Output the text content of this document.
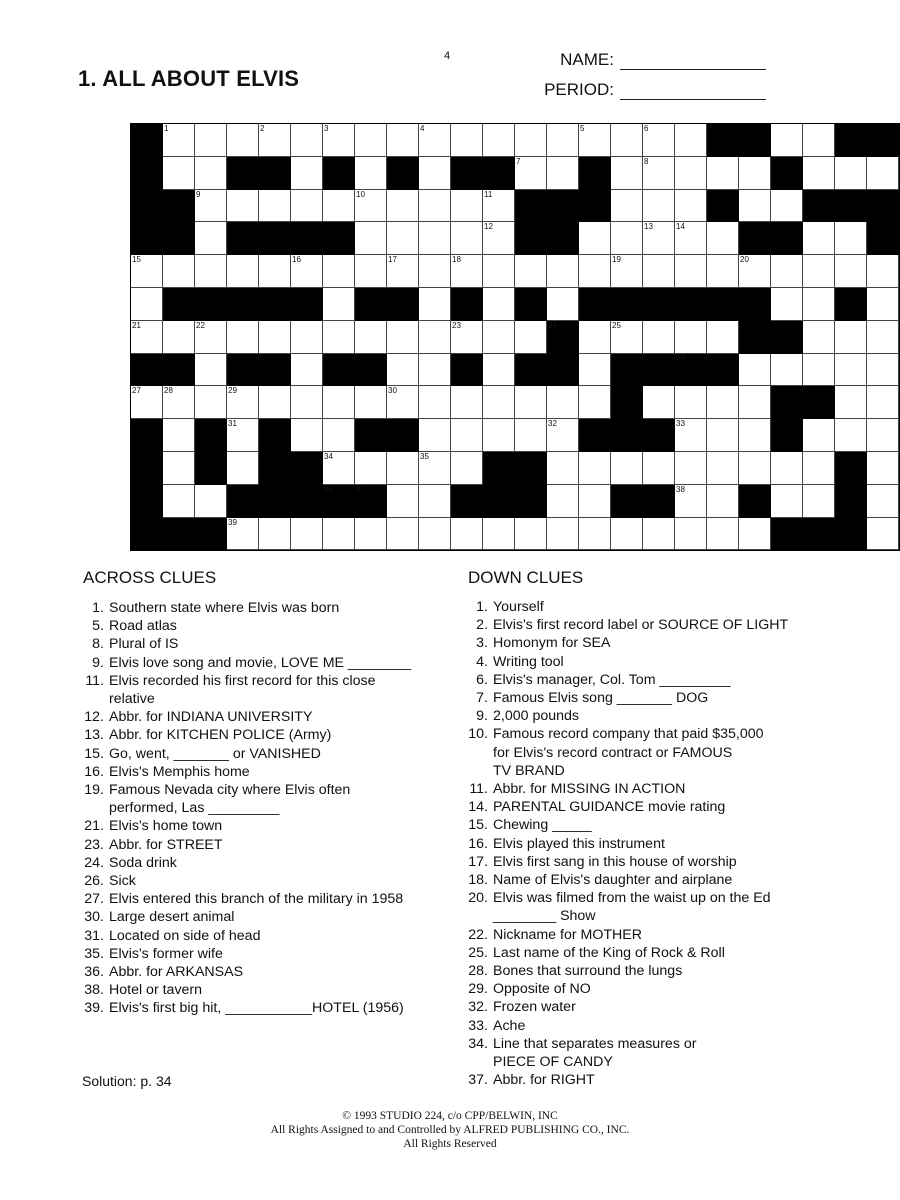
4
1. ALL ABOUT ELVIS
NAME:
PERIOD:
1	2	3	4	5	6
7	8
9	10	11
12	13	14
15	16	17	18	19	20
21	22	23	24	25
26
27	28	29	30
31	32	33
34	35
36	37	38
39
ACROSS CLUES
1. Southern state where Elvis was born
5. Road atlas
8. Plural of IS
9. Elvis love song and movie, LOVE ME ________
11. Elvis recorded his first record for this close
relative
12. Abbr. for INDIANA UNIVERSITY
13. Abbr. for KITCHEN POLICE (Army)
15. Go, went, _______ or VANISHED
16. Elvis's Memphis home
19. Famous Nevada city where Elvis often
performed, Las _________
21. Elvis's home town
23. Abbr. for STREET
24. Soda drink
26. Sick
27. Elvis entered this branch of the military in 1958
30. Large desert animal
31. Located on side of head
35. Elvis's former wife
36. Abbr. for ARKANSAS
38. Hotel or tavern
39. Elvis's first big hit, ___________HOTEL (1956)
DOWN CLUES
1. Yourself
2. Elvis's first record label or SOURCE OF LIGHT
3. Homonym for SEA
4. Writing tool
6. Elvis's manager, Col. Tom _________
7. Famous Elvis song _______ DOG
9. 2,000 pounds
10. Famous record company that paid $35,000
for Elvis's record contract or FAMOUS
TV BRAND
11. Abbr. for MISSING IN ACTION
14. PARENTAL GUIDANCE movie rating
15. Chewing _____
16. Elvis played this instrument
17. Elvis first sang in this house of worship
18. Name of Elvis's daughter and airplane
20. Elvis was filmed from the waist up on the Ed
________ Show
22. Nickname for MOTHER
25. Last name of the King of Rock & Roll
28. Bones that surround the lungs
29. Opposite of NO
32. Frozen water
33. Ache
34. Line that separates measures or
PIECE OF CANDY
37. Abbr. for RIGHT
Solution: p. 34
© 1993 STUDIO 224, c/o CPP/BELWIN, INC
All Rights Assigned to and Controlled by ALFRED PUBLISHING CO., INC.
All Rights Reserved
